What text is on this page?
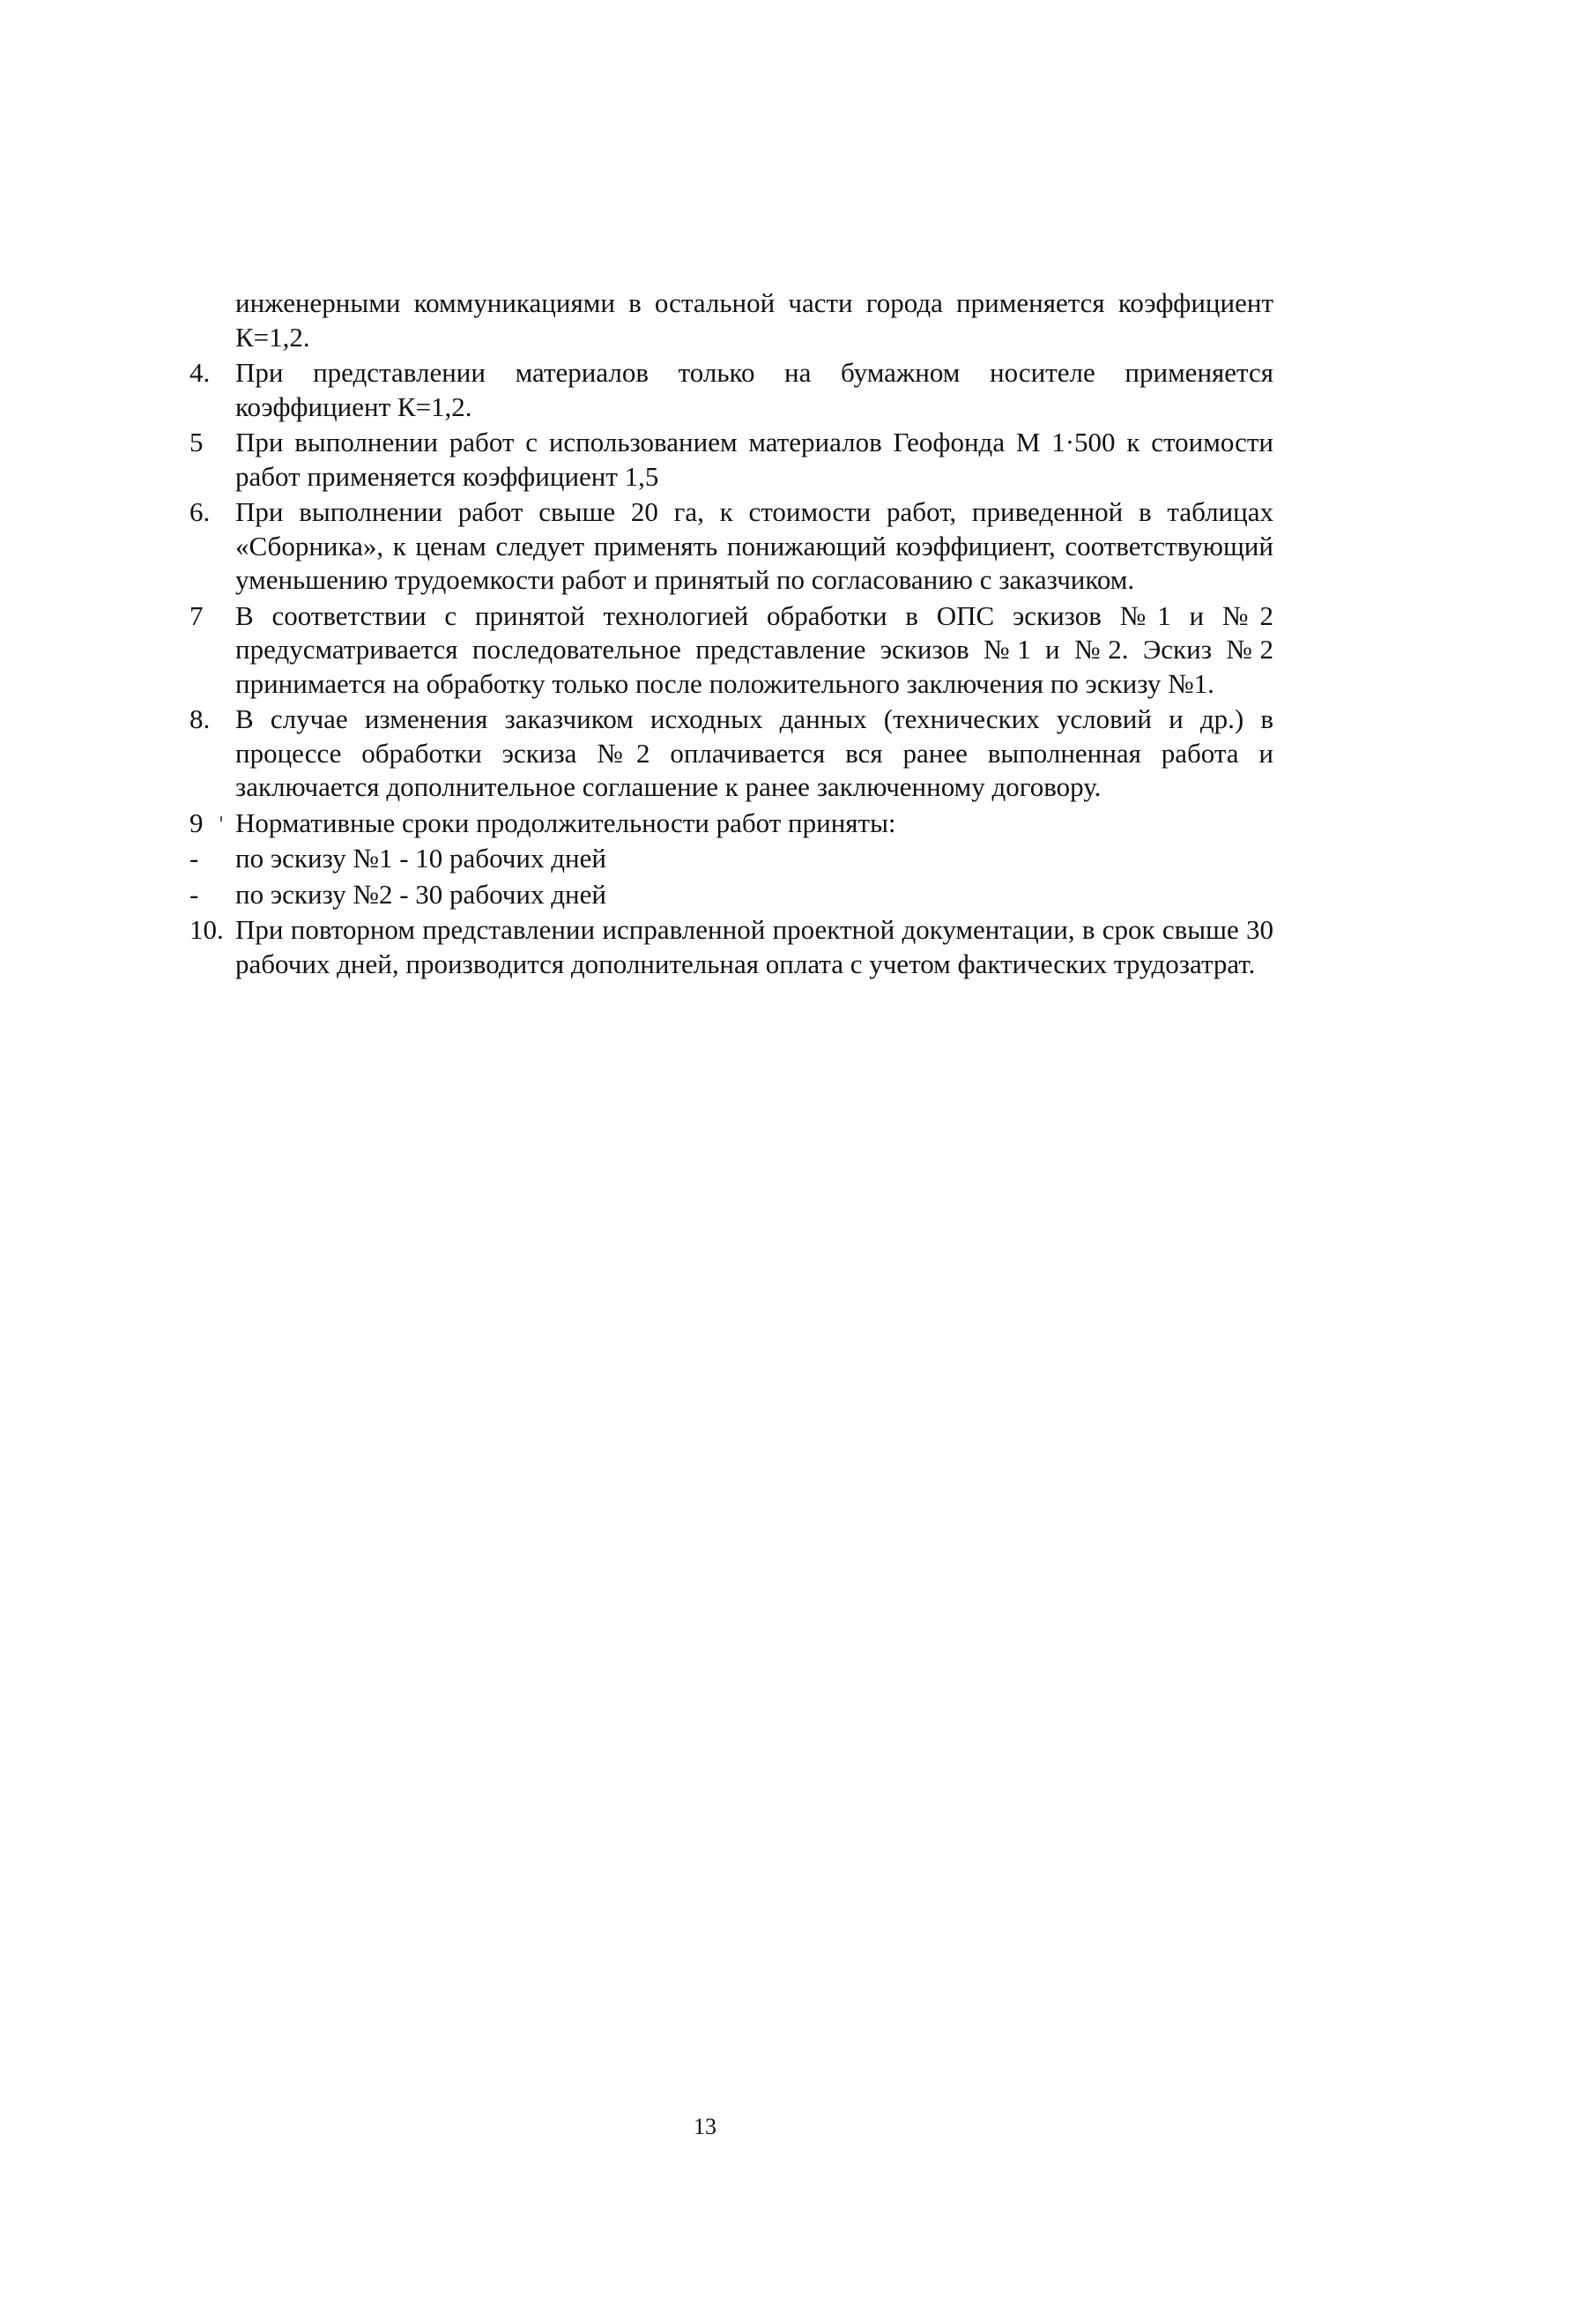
инженерными коммуникациями в остальной части города применяется коэффициент К=1,2.
4. При представлении материалов только на бумажном носителе применяется коэффициент К=1,2.
5	При выполнении работ с использованием материалов Геофонда М 1·500 к стоимости работ применяется коэффициент 1,5
6. При выполнении работ свыше 20 га, к стоимости работ, приведенной в таблицах «Сборника», к ценам следует применять понижающий коэффициент, соответствующий уменьшению трудоемкости работ и принятый по согласованию с заказчиком.
7	В соответствии с принятой технологией обработки в ОПС эскизов №1 и №2 предусматривается последовательное представление эскизов №1 и №2. Эскиз №2 принимается на обработку только после положительного заключения по эскизу №1.
8. В случае изменения заказчиком исходных данных (технических условий и др.) в процессе обработки эскиза №2 оплачивается вся ранее выполненная работа и заключается дополнительное соглашение к ранее заключенному договору.
9	Нормативные сроки продолжительности работ приняты:
-	по эскизу №1 - 10 рабочих дней
-	по эскизу №2 - 30 рабочих дней
10. При повторном представлении исправленной проектной документации, в срок свыше 30 рабочих дней, производится дополнительная оплата с учетом фактических трудозатрат.
13
